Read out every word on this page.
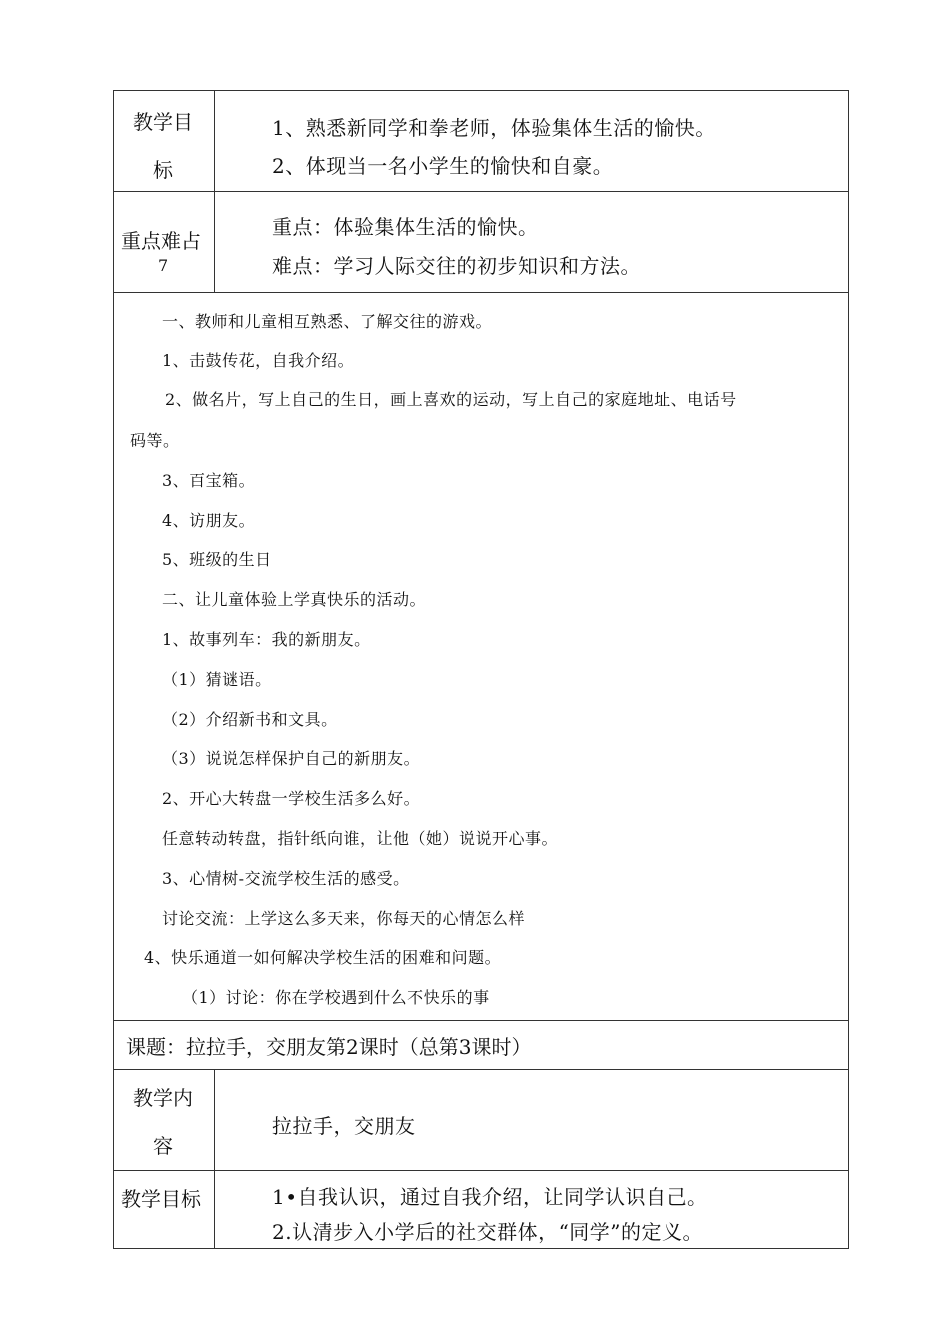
教学目
标
1、熟悉新同学和拳老师，体验集体生活的愉快。
2、体现当一名小学生的愉快和自豪。
重点难占
7
重点：体验集体生活的愉快。
难点：学习人际交往的初步知识和方法。
一、教师和儿童相互熟悉、了解交往的游戏。
1、击鼓传花，自我介绍。
2、做名片，写上自己的生日，画上喜欢的运动，写上自己的家庭地址、电话号
码等。
3、百宝箱。
4、访朋友。
5、班级的生日
二、让儿童体验上学真快乐的活动。
1、故事列车：我的新朋友。
（1）猜谜语。
（2）介绍新书和文具。
（3）说说怎样保护自己的新朋友。
2、开心大转盘一学校生活多么好。
任意转动转盘，指针纸向谁，让他（她）说说开心事。
3、心情树-交流学校生活的感受。
讨论交流：上学这么多天来，你每天的心情怎么样
4、快乐通道一如何解决学校生活的困难和问题。
（1）讨论：你在学校遇到什么不快乐的事
课题：拉拉手，交朋友第2课时（总第3课时）
教学内
容
拉拉手，交朋友
教学目标	1•自我认识，通过自我介绍，让同学认识自己。
2.认清步入小学后的社交群体，“同学”的定义。
